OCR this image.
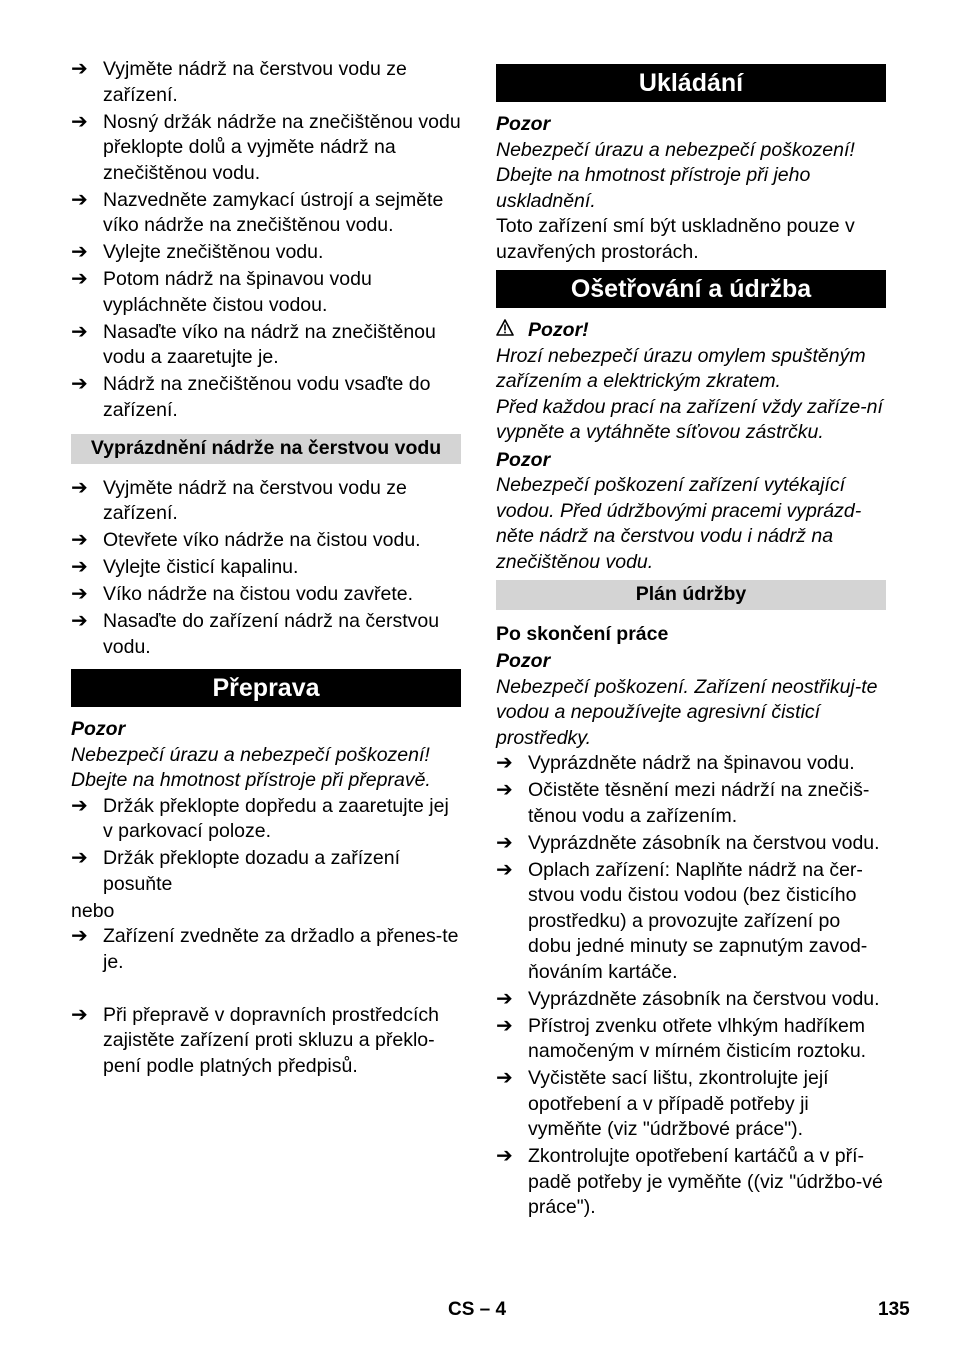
➔ Vyjměte nádrž na čerstvou vodu ze zařízení.
➔ Nosný držák nádrže na znečištěnou vodu překlopte dolů a vyjměte nádrž na znečištěnou vodu.
➔ Nazvedněte zamykací ústrojí a sejměte víko nádrže na znečištěnou vodu.
➔ Vylejte znečištěnou vodu.
➔ Potom nádrž na špinavou vodu vypláchněte čistou vodou.
➔ Nasaďte víko na nádrž na znečištěnou vodu a zaaretujte je.
➔ Nádrž na znečištěnou vodu vsaďte do zařízení.
Vyprázdnění nádrže na čerstvou vodu
➔ Vyjměte nádrž na čerstvou vodu ze zařízení.
➔ Otevřete víko nádrže na čistou vodu.
➔ Vylejte čisticí kapalinu.
➔ Víko nádrže na čistou vodu zavřete.
➔ Nasaďte do zařízení nádrž na čerstvou vodu.
Přeprava

Pozor

Nebezpečí úrazu a nebezpečí poškození!

Dbejte na hmotnost přístroje při přepravě.

➔ Držák překlopte dopředu a zaaretujte jej v parkovací poloze.
➔ Držák překlopte dozadu a zařízení posuňte

nebo

➔ Zařízení zvedněte za držadlo a přenes-te je.
➔ Při přepravě v dopravních prostředcích zajistěte zařízení proti skluzu a překlo-pení podle platných předpisů.
Ukládání

Pozor

Nebezpečí úrazu a nebezpečí poškození! Dbejte na hmotnost přístroje při jeho uskladnění.

Toto zařízení smí být uskladněno pouze v uzavřených prostorách.

Ošetřování a údržba
Pozor!

Hrozí nebezpečí úrazu omylem spuštěným zařízením a elektrickým zkratem.

Před každou prací na zařízení vždy zaříze-ní vypněte a vytáhněte síťovou zástrčku.

Pozor

Nebezpečí poškození zařízení vytékající vodou. Před údržbovými pracemi vyprázd-něte nádrž na čerstvou vodu i nádrž na znečištěnou vodu.

Plán údržby

Po skončení práce

Pozor

Nebezpečí poškození. Zařízení neostřikuj-te vodou a nepoužívejte agresivní čisticí prostředky.

➔ Vyprázdněte nádrž na špinavou vodu.
➔ Očistěte těsnění mezi nádrží na znečiš-těnou vodu a zařízením.
➔ Vyprázdněte zásobník na čerstvou vodu.
➔ Oplach zařízení: Naplňte nádrž na čer-stvou vodu čistou vodou (bez čisticího prostředku) a provozujte zařízení po dobu jedné minuty se zapnutým zavod-ňováním kartáče.
➔ Vyprázdněte zásobník na čerstvou vodu.
➔ Přístroj zvenku otřete vlhkým hadříkem namočeným v mírném čisticím roztoku.
➔ Vyčistěte sací lištu, zkontrolujte její opotřebení a v případě potřeby ji vyměňte (viz "údržbové práce").
➔ Zkontrolujte opotřebení kartáčů a v pří-padě potřeby je vyměňte ((viz "údržbo-vé práce").
CS – 4	135
